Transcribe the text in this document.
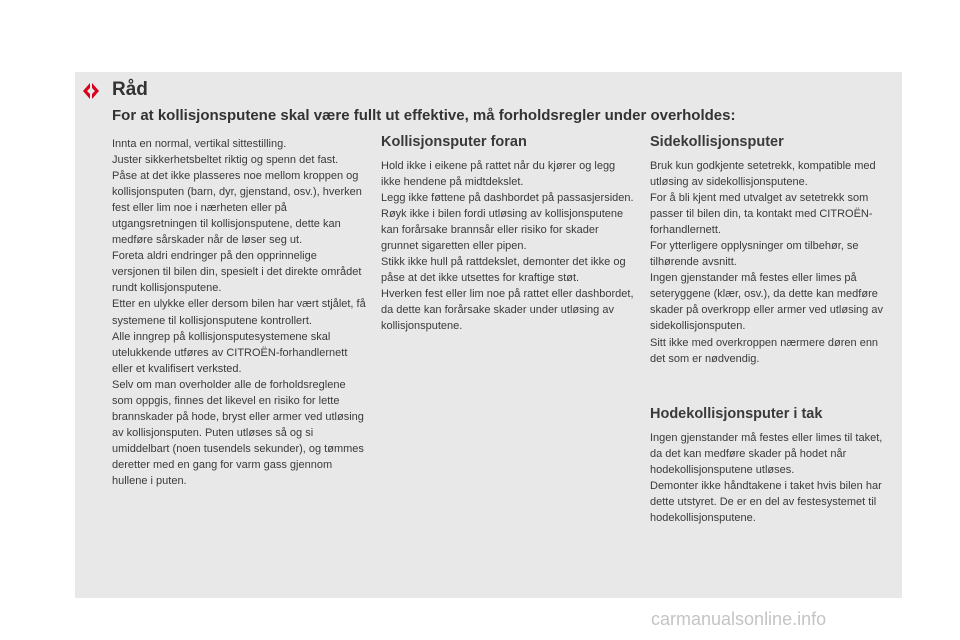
Råd
For at kollisjonsputene skal være fullt ut effektive, må forholdsregler under overholdes:

Innta en normal, vertikal sittestilling.
Juster sikkerhetsbeltet riktig og spenn det fast.
Påse at det ikke plasseres noe mellom kroppen og kollisjonsputen (barn, dyr, gjenstand, osv.), hverken fest eller lim noe i nærheten eller på utgangsretningen til kollisjonsputene, dette kan medføre sårskader når de løser seg ut.
Foreta aldri endringer på den opprinnelige versjonen til bilen din, spesielt i det direkte området rundt kollisjonsputene.
Etter en ulykke eller dersom bilen har vært stjålet, få systemene til kollisjonsputene kontrollert.
Alle inngrep på kollisjonsputesystemene skal utelukkende utføres av CITROËN-forhandlernett eller et kvalifisert verksted.
Selv om man overholder alle de forholdsreglene som oppgis, finnes det likevel en risiko for lette brannskader på hode, bryst eller armer ved utløsing av kollisjonsputen. Puten utløses så og si umiddelbart (noen tusendels sekunder), og tømmes deretter med en gang for varm gass gjennom hullene i puten.

Kollisjonsputer foran

Hold ikke i eikene på rattet når du kjører og legg ikke hendene på midtdekslet.
Legg ikke føttene på dashbordet på passasjersiden.
Røyk ikke i bilen fordi utløsing av kollisjonsputene kan forårsake brannsår eller risiko for skader grunnet sigaretten eller pipen.
Stikk ikke hull på rattdekslet, demonter det ikke og påse at det ikke utsettes for kraftige støt.
Hverken fest eller lim noe på rattet eller dashbordet, da dette kan forårsake skader under utløsing av kollisjonsputene.

Sidekollisjonsputer

Bruk kun godkjente setetrekk, kompatible med utløsing av sidekollisjonsputene.
For å bli kjent med utvalget av setetrekk som passer til bilen din, ta kontakt med CITROËN-forhandlernett.
For ytterligere opplysninger om tilbehør, se tilhørende avsnitt.
Ingen gjenstander må festes eller limes på seteryggene (klær, osv.), da dette kan medføre skader på overkropp eller armer ved utløsing av sidekollisjonsputen.
Sitt ikke med overkroppen nærmere døren enn det som er nødvendig.

Hodekollisjonsputer i tak

Ingen gjenstander må festes eller limes til taket, da det kan medføre skader på hodet når hodekollisjonsputene utløses.
Demonter ikke håndtakene i taket hvis bilen har dette utstyret. De er en del av festesystemet til hodekollisjonsputene.

carmanualsonline.info
